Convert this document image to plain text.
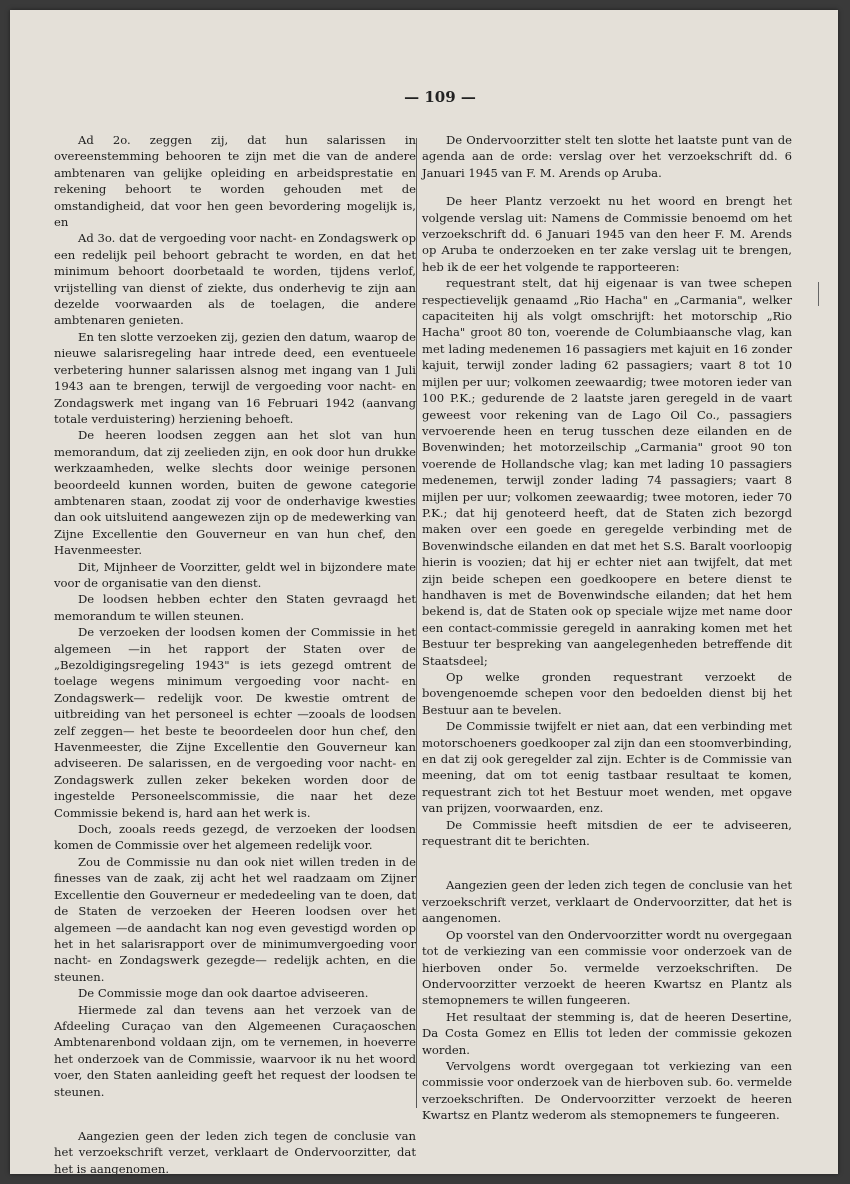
— 109 —

Ad 2o. zeggen zij, dat hun salarissen in overeenstemming behooren te zijn met die van de andere ambtenaren van gelijke opleiding en arbeidsprestatie en rekening behoort te worden gehouden met de omstandigheid, dat voor hen geen bevordering mogelijk is, en

Ad 3o. dat de vergoeding voor nacht- en Zondagswerk op een redelijk peil behoort gebracht te worden, en dat het minimum behoort doorbetaald te worden, tijdens verlof, vrijstelling van dienst of ziekte, dus onderhevig te zijn aan dezelde voorwaarden als de toelagen, die andere ambtenaren genieten.

En ten slotte verzoeken zij, gezien den datum, waarop de nieuwe salarisregeling haar intrede deed, een eventueele verbetering hunner salarissen alsnog met ingang van 1 Juli 1943 aan te brengen, terwijl de vergoeding voor nacht- en Zondagswerk met ingang van 16 Februari 1942 (aanvang totale verduistering) herziening behoeft.

De heeren loodsen zeggen aan het slot van hun memorandum, dat zij zeelieden zijn, en ook door hun drukke werkzaamheden, welke slechts door weinige personen beoordeeld kunnen worden, buiten de gewone categorie ambtenaren staan, zoodat zij voor de onderhavige kwesties dan ook uitsluitend aangewezen zijn op de medewerking van Zijne Excellentie den Gouverneur en van hun chef, den Havenmeester.

Dit, Mijnheer de Voorzitter, geldt wel in bijzondere mate voor de organisatie van den dienst.

De loodsen hebben echter den Staten gevraagd het memorandum te willen steunen.

De verzoeken der loodsen komen der Commissie in het algemeen —in het rapport der Staten over de „Bezoldigingsregeling 1943" is iets gezegd omtrent de toelage wegens minimum vergoeding voor nacht- en Zondagswerk— redelijk voor. De kwestie omtrent de uitbreiding van het personeel is echter —zooals de loodsen zelf zeggen— het beste te beoordeelen door hun chef, den Havenmeester, die Zijne Excellentie den Gouverneur kan adviseeren. De salarissen, en de vergoeding voor nacht- en Zondagswerk zullen zeker bekeken worden door de ingestelde Personeelscommissie, die naar het deze Commissie bekend is, hard aan het werk is.

Doch, zooals reeds gezegd, de verzoeken der loodsen komen de Commissie over het algemeen redelijk voor.

Zou de Commissie nu dan ook niet willen treden in de finesses van de zaak, zij acht het wel raadzaam om Zijner Excellentie den Gouverneur er mededeeling van te doen, dat de Staten de verzoeken der Heeren loodsen over het algemeen —de aandacht kan nog even gevestigd worden op het in het salarisrapport over de minimumvergoeding voor nacht- en Zondagswerk gezegde— redelijk achten, en die steunen.

De Commissie moge dan ook daartoe adviseeren.

Hiermede zal dan tevens aan het verzoek van de Afdeeling Curaçao van den Algemeenen Curaçaoschen Ambtenarenbond voldaan zijn, om te vernemen, in hoeverre het onderzoek van de Commissie, waarvoor ik nu het woord voer, den Staten aanleiding geeft het request der loodsen te steunen.

Aangezien geen der leden zich tegen de conclusie van het verzoekschrift verzet, verklaart de Ondervoorzitter, dat het is aangenomen.

De Ondervoorzitter stelt ten slotte het laatste punt van de agenda aan de orde: verslag over het verzoekschrift dd. 6 Januari 1945 van F. M. Arends op Aruba.

De heer Plantz verzoekt nu het woord en brengt het volgende verslag uit: Namens de Commissie benoemd om het verzoekschrift dd. 6 Januari 1945 van den heer F. M. Arends op Aruba te onderzoeken en ter zake verslag uit te brengen, heb ik de eer het volgende te rapporteeren:

requestrant stelt, dat hij eigenaar is van twee schepen respectievelijk genaamd „Rio Hacha" en „Carmania", welker capaciteiten hij als volgt omschrijft: het motorschip „Rio Hacha" groot 80 ton, voerende de Columbiaansche vlag, kan met lading medenemen 16 passagiers met kajuit en 16 zonder kajuit, terwijl zonder lading 62 passagiers; vaart 8 tot 10 mijlen per uur; volkomen zeewaardig; twee motoren ieder van 100 P.K.; gedurende de 2 laatste jaren geregeld in de vaart geweest voor rekening van de Lago Oil Co., passagiers vervoerende heen en terug tusschen deze eilanden en de Bovenwinden; het motorzeilschip „Carmania" groot 90 ton voerende de Hollandsche vlag; kan met lading 10 passagiers medenemen, terwijl zonder lading 74 passagiers; vaart 8 mijlen per uur; volkomen zeewaardig; twee motoren, ieder 70 P.K.; dat hij genoteerd heeft, dat de Staten zich bezorgd maken over een goede en geregelde verbinding met de Bovenwindsche eilanden en dat met het S.S. Baralt voorloopig hierin is voozien; dat hij er echter niet aan twijfelt, dat met zijn beide schepen een goedkoopere en betere dienst te handhaven is met de Bovenwindsche eilanden; dat het hem bekend is, dat de Staten ook op speciale wijze met name door een contact-commissie geregeld in aanraking komen met het Bestuur ter bespreking van aangelegenheden betreffende dit Staatsdeel;

Op welke gronden requestrant verzoekt de bovengenoemde schepen voor den bedoelden dienst bij het Bestuur aan te bevelen.

De Commissie twijfelt er niet aan, dat een verbinding met motorschoeners goedkooper zal zijn dan een stoomverbinding, en dat zij ook geregelder zal zijn. Echter is de Commissie van meening, dat om tot eenig tastbaar resultaat te komen, requestrant zich tot het Bestuur moet wenden, met opgave van prijzen, voorwaarden, enz.

De Commissie heeft mitsdien de eer te adviseeren, requestrant dit te berichten.

Aangezien geen der leden zich tegen de conclusie van het verzoekschrift verzet, verklaart de Ondervoorzitter, dat het is aangenomen.

Op voorstel van den Ondervoorzitter wordt nu overgegaan tot de verkiezing van een commissie voor onderzoek van de hierboven onder 5o. vermelde verzoekschriften. De Ondervoorzitter verzoekt de heeren Kwartsz en Plantz als stemopnemers te willen fungeeren.

Het resultaat der stemming is, dat de heeren Desertine, Da Costa Gomez en Ellis tot leden der commissie gekozen worden.

Vervolgens wordt overgegaan tot verkiezing van een commissie voor onderzoek van de hierboven sub. 6o. vermelde verzoekschriften. De Ondervoorzitter verzoekt de heeren Kwartsz en Plantz wederom als stemopnemers te fungeeren.
